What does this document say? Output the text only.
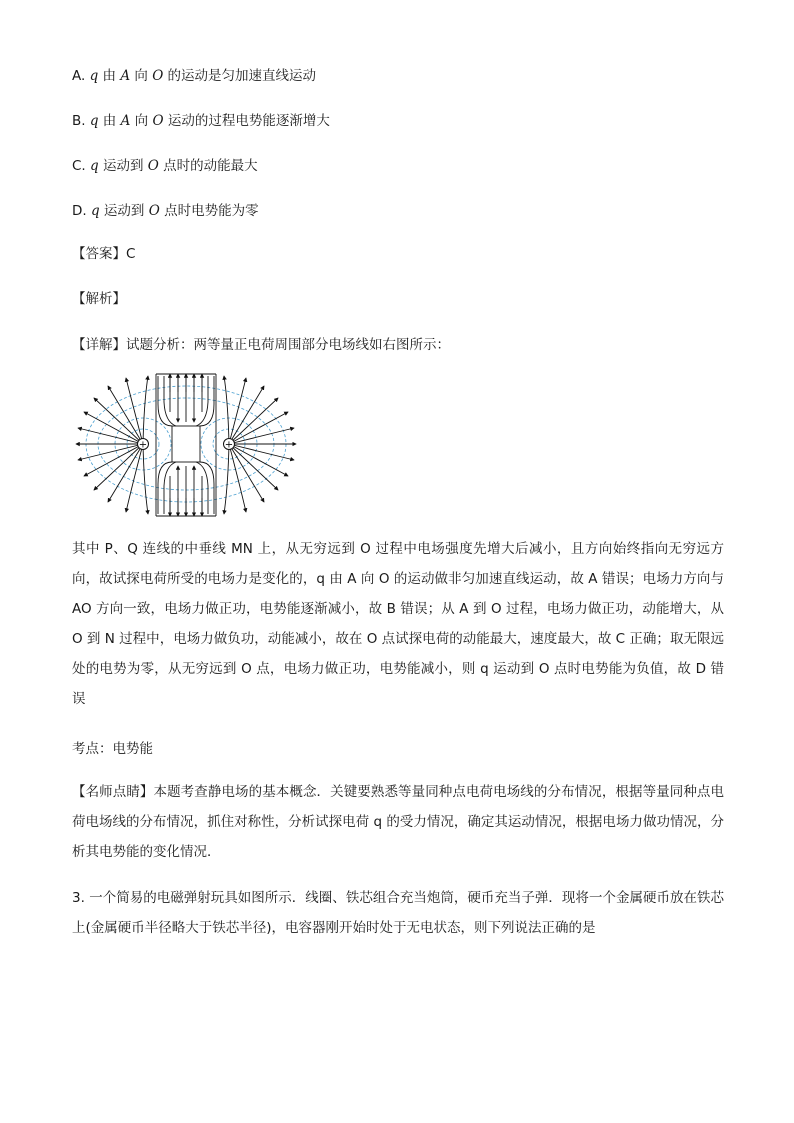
A. q 由 A 向 O 的运动是匀加速直线运动
B. q 由 A 向 O 运动的过程电势能逐渐增大
C. q 运动到 O 点时的动能最大
D. q 运动到 O 点时电势能为零
【答案】C
【解析】
【详解】试题分析：两等量正电荷周围部分电场线如右图所示：
+	+
其中 P、Q 连线的中垂线 MN 上，从无穷远到 O 过程中电场强度先增大后减小，且方向始终指向无穷远方向，故试探电荷所受的电场力是变化的，q 由 A 向 O 的运动做非匀加速直线运动，故 A 错误；电场力方向与 AO 方向一致，电场力做正功，电势能逐渐减小，故 B 错误；从 A 到 O 过程，电场力做正功，动能增大，从 O 到 N 过程中，电场力做负功，动能减小，故在 O 点试探电荷的动能最大，速度最大，故 C 正确；取无限远处的电势为零，从无穷远到 O 点，电场力做正功，电势能减小，则 q 运动到 O 点时电势能为负值，故 D 错误
考点：电势能
【名师点睛】本题考查静电场的基本概念．关键要熟悉等量同种点电荷电场线的分布情况，根据等量同种点电荷电场线的分布情况，抓住对称性，分析试探电荷 q 的受力情况，确定其运动情况，根据电场力做功情况，分析其电势能的变化情况．
3. 一个简易的电磁弹射玩具如图所示．线圈、铁芯组合充当炮筒，硬币充当子弹．现将一个金属硬币放在铁芯上(金属硬币半径略大于铁芯半径)，电容器刚开始时处于无电状态，则下列说法正确的是
